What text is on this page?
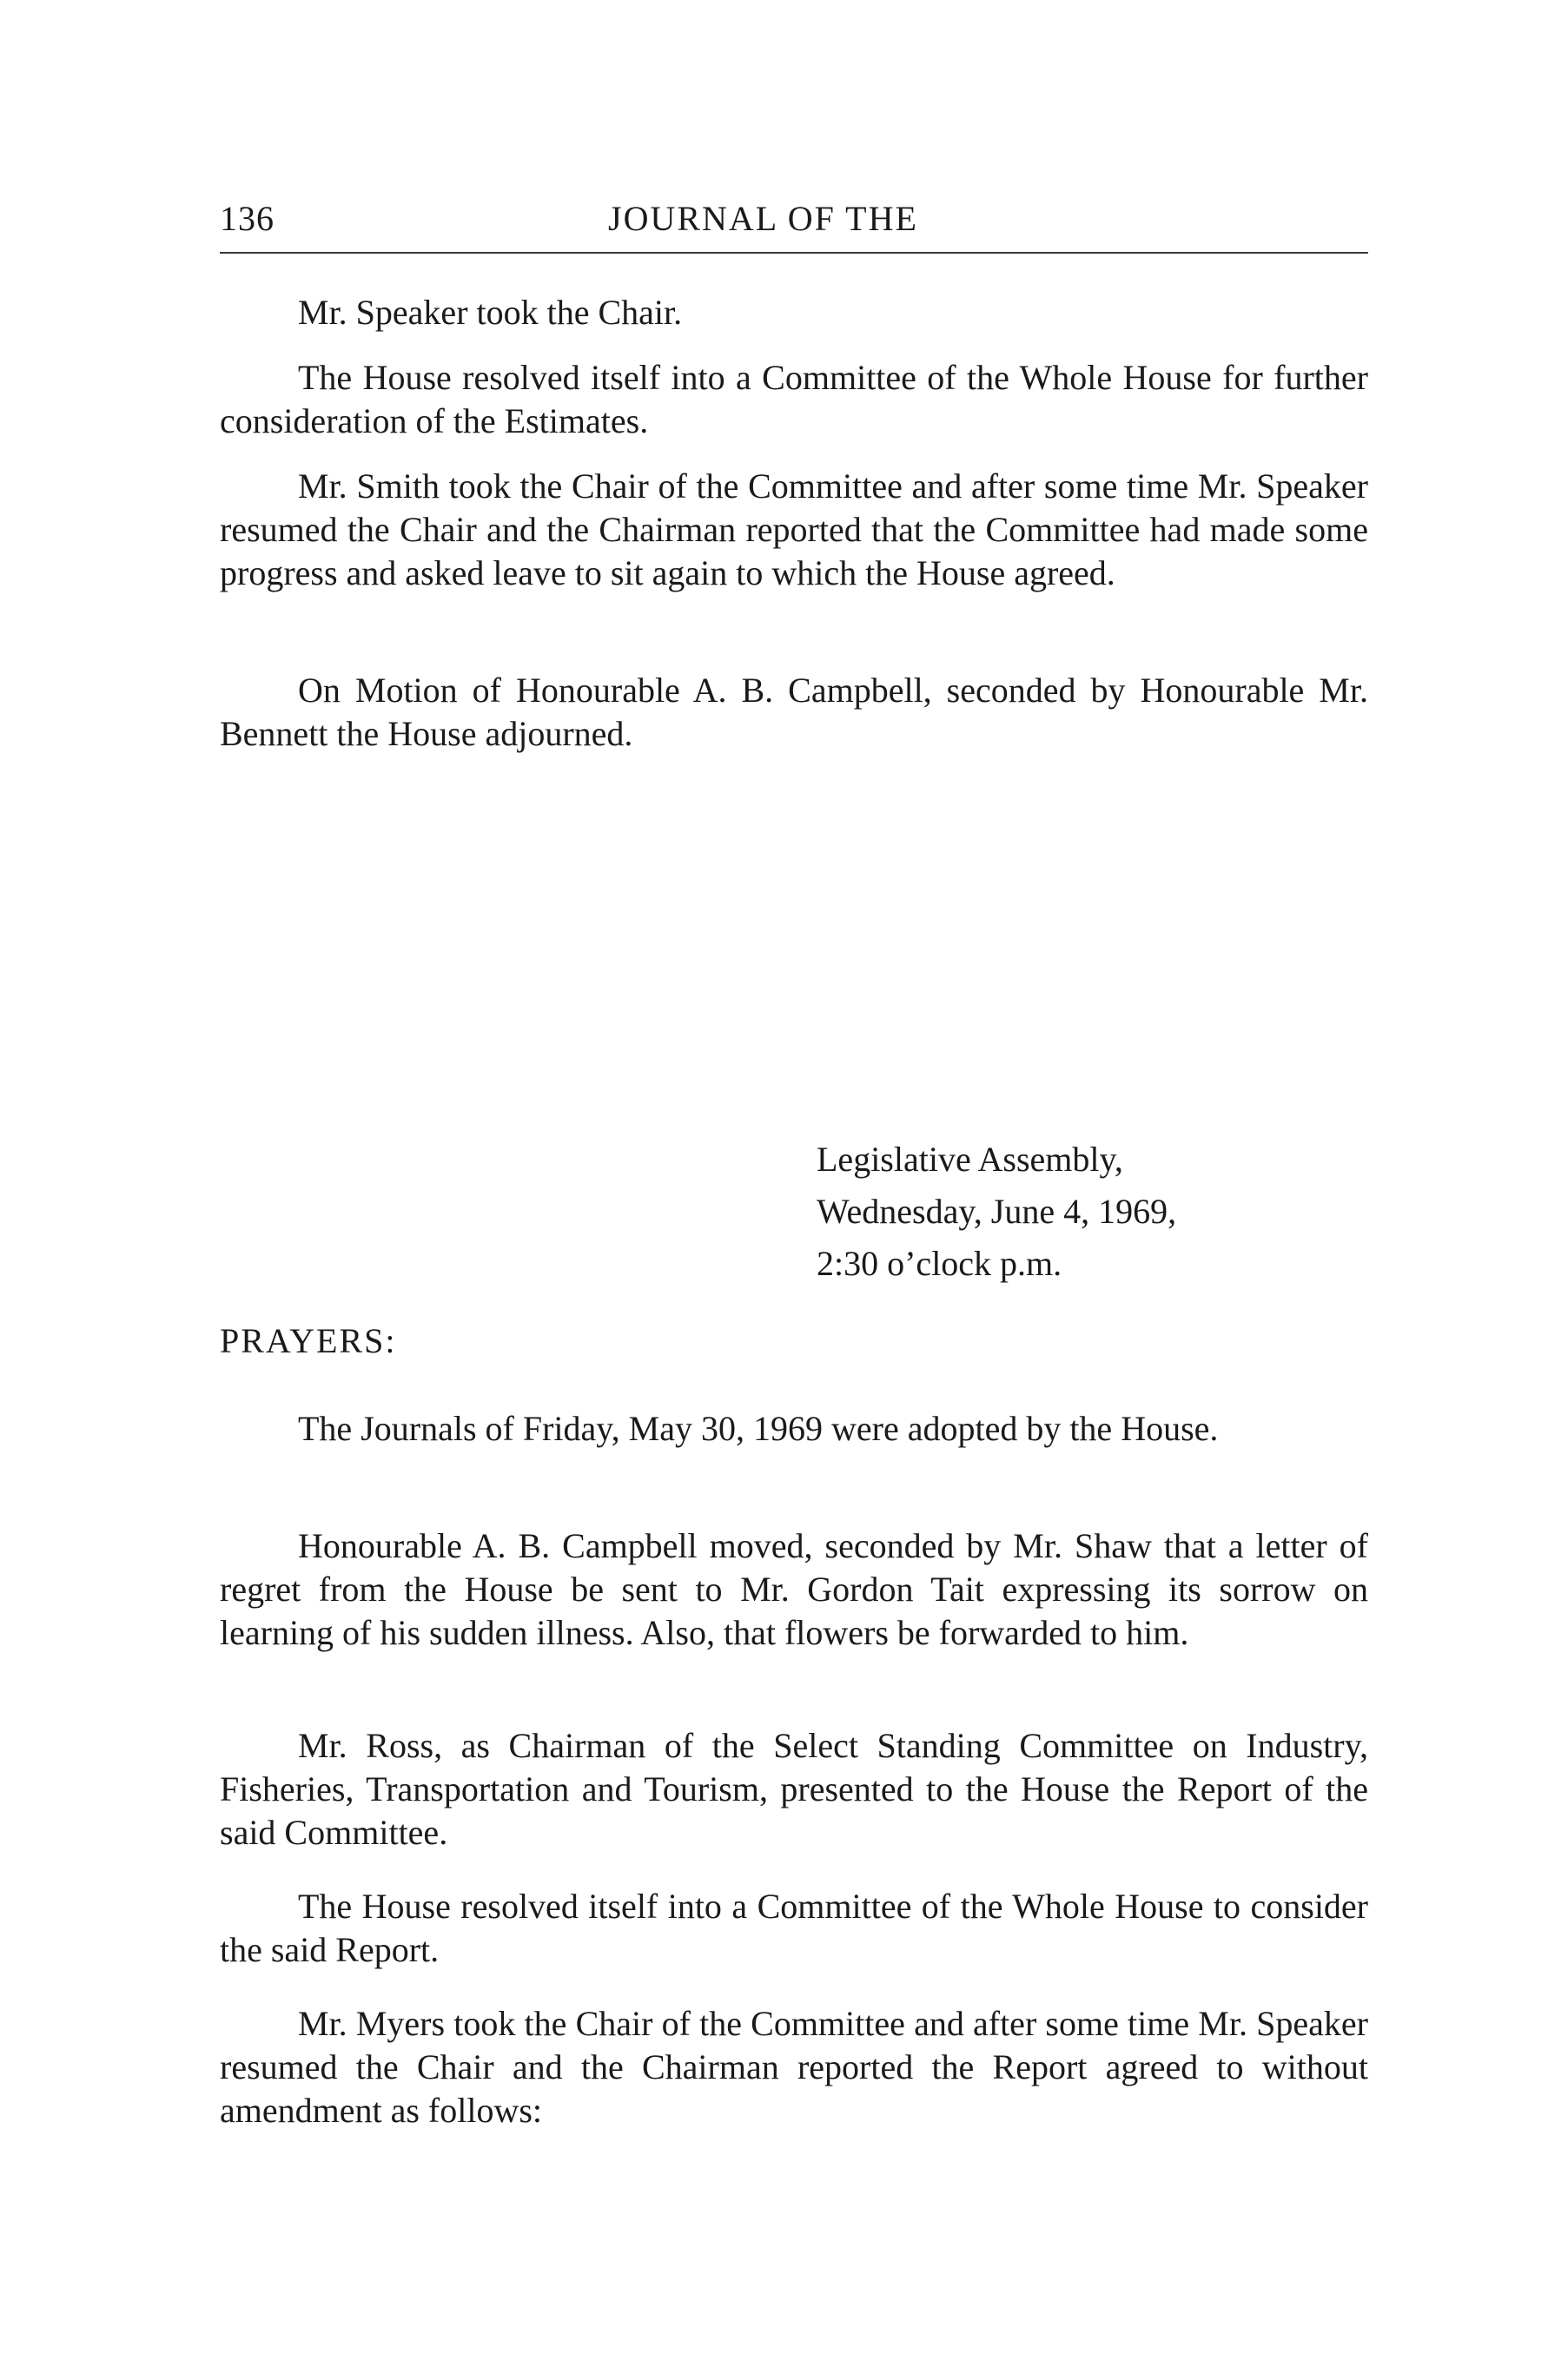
136	JOURNAL OF THE

Mr. Speaker took the Chair.

The House resolved itself into a Committee of the Whole House for further consideration of the Estimates.

Mr. Smith took the Chair of the Committee and after some time Mr. Speaker resumed the Chair and the Chairman reported that the Committee had made some progress and asked leave to sit again to which the House agreed.

On Motion of Honourable A. B. Campbell, seconded by Honourable Mr. Bennett the House adjourned.

Legislative Assembly,
Wednesday, June 4, 1969,
2:30 o’clock p.m.
PRAYERS:

The Journals of Friday, May 30, 1969 were adopted by the House.

Honourable A. B. Campbell moved, seconded by Mr. Shaw that a letter of regret from the House be sent to Mr. Gordon Tait expressing its sorrow on learning of his sudden illness. Also, that flowers be forwarded to him.

Mr. Ross, as Chairman of the Select Standing Committee on Industry, Fisheries, Transportation and Tourism, presented to the House the Report of the said Committee.

The House resolved itself into a Committee of the Whole House to consider the said Report.

Mr. Myers took the Chair of the Committee and after some time Mr. Speaker resumed the Chair and the Chairman reported the Report agreed to without amendment as follows:
